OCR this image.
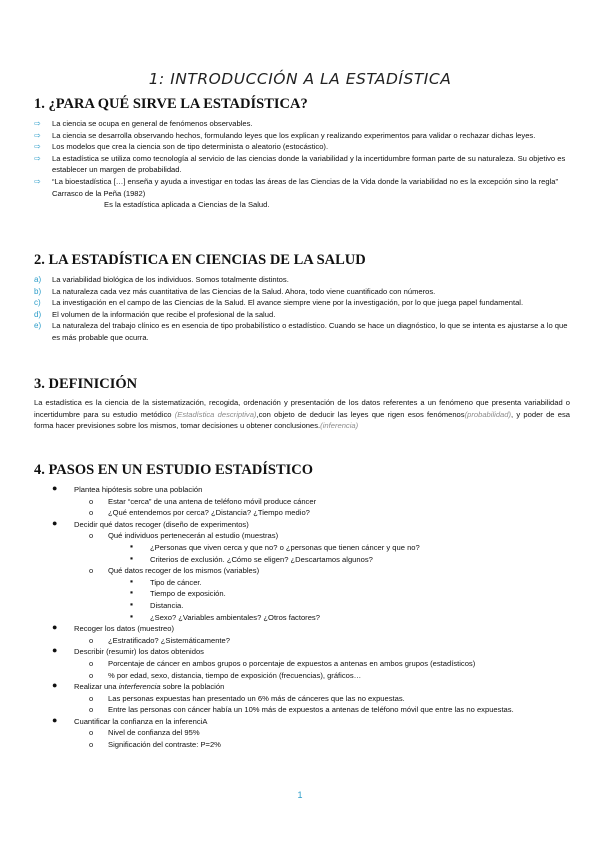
1: INTRODUCCIÓN A LA ESTADÍSTICA
1. ¿PARA QUÉ SIRVE LA ESTADÍSTICA?
⇨ La ciencia se ocupa en general de fenómenos observables.
⇨ La ciencia se desarrolla observando hechos, formulando leyes que los explican y realizando experimentos para validar o rechazar dichas leyes.
⇨ Los modelos que crea la ciencia son de tipo determinista o aleatorio (estocástico).
⇨ La estadística se utiliza como tecnología al servicio de las ciencias donde la variabilidad y la incertidumbre forman parte de su naturaleza. Su objetivo es establecer un margen de probabilidad.
⇨ “La bioestadística […] enseña y ayuda a investigar en todas las áreas de las Ciencias de la Vida donde la variabilidad no es la excepción sino la regla” Carrasco de la Peña (1982)
Es la estadística aplicada a Ciencias de la Salud.
2. LA ESTADÍSTICA EN CIENCIAS DE LA SALUD
a) La variabilidad biológica de los individuos. Somos totalmente distintos.
b) La naturaleza cada vez más cuantitativa de las Ciencias de la Salud. Ahora, todo viene cuantificado con números.
c) La investigación en el campo de las Ciencias de la Salud. El avance siempre viene por la investigación, por lo que juega papel fundamental.
d) El volumen de la información que recibe el profesional de la salud.
e) La naturaleza del trabajo clínico es en esencia de tipo probabilístico o estadístico. Cuando se hace un diagnóstico, lo que se intenta es ajustarse a lo que es más probable que ocurra.
3. DEFINICIÓN
La estadística es la ciencia de la sistematización, recogida, ordenación y presentación de los datos referentes a un fenómeno que presenta variabilidad o incertidumbre para su estudio metódico (Estadística descriptiva),con objeto de deducir las leyes que rigen esos fenómenos(probabilidad), y poder de esa forma hacer previsiones sobre los mismos, tomar decisiones u obtener conclusiones.(inferencia)
4. PASOS EN UN ESTUDIO ESTADÍSTICO
● Plantea hipótesis sobre una población
o Estar “cerca” de una antena de teléfono móvil produce cáncer
o ¿Qué entendemos por cerca? ¿Distancia? ¿Tiempo medio?
● Decidir qué datos recoger (diseño de experimentos)
o Qué individuos pertenecerán al estudio (muestras)
▪ ¿Personas que viven cerca y que no? o ¿personas que tienen cáncer y que no?
▪ Criterios de exclusión. ¿Cómo se eligen? ¿Descartamos algunos?
o Qué datos recoger de los mismos (variables)
▪ Tipo de cáncer.
▪ Tiempo de exposición.
▪ Distancia.
▪ ¿Sexo? ¿Variables ambientales? ¿Otros factores?
● Recoger los datos (muestreo)
o ¿Estratificado? ¿Sistemáticamente?
● Describir (resumir) los datos obtenidos
o Porcentaje de cáncer en ambos grupos o porcentaje de expuestos a antenas en ambos grupos (estadísticos)
o % por edad, sexo, distancia, tiempo de exposición (frecuencias), gráficos…
● Realizar una interferencia sobre la población
o Las personas expuestas han presentado un 6% más de cánceres que las no expuestas.
o Entre las personas con cáncer había un 10% más de expuestos a antenas de teléfono móvil que entre las no expuestas.
● Cuantificar la confianza en la inferenciA
o Nivel de confianza del 95%
o Significación del contraste: P=2%
1
